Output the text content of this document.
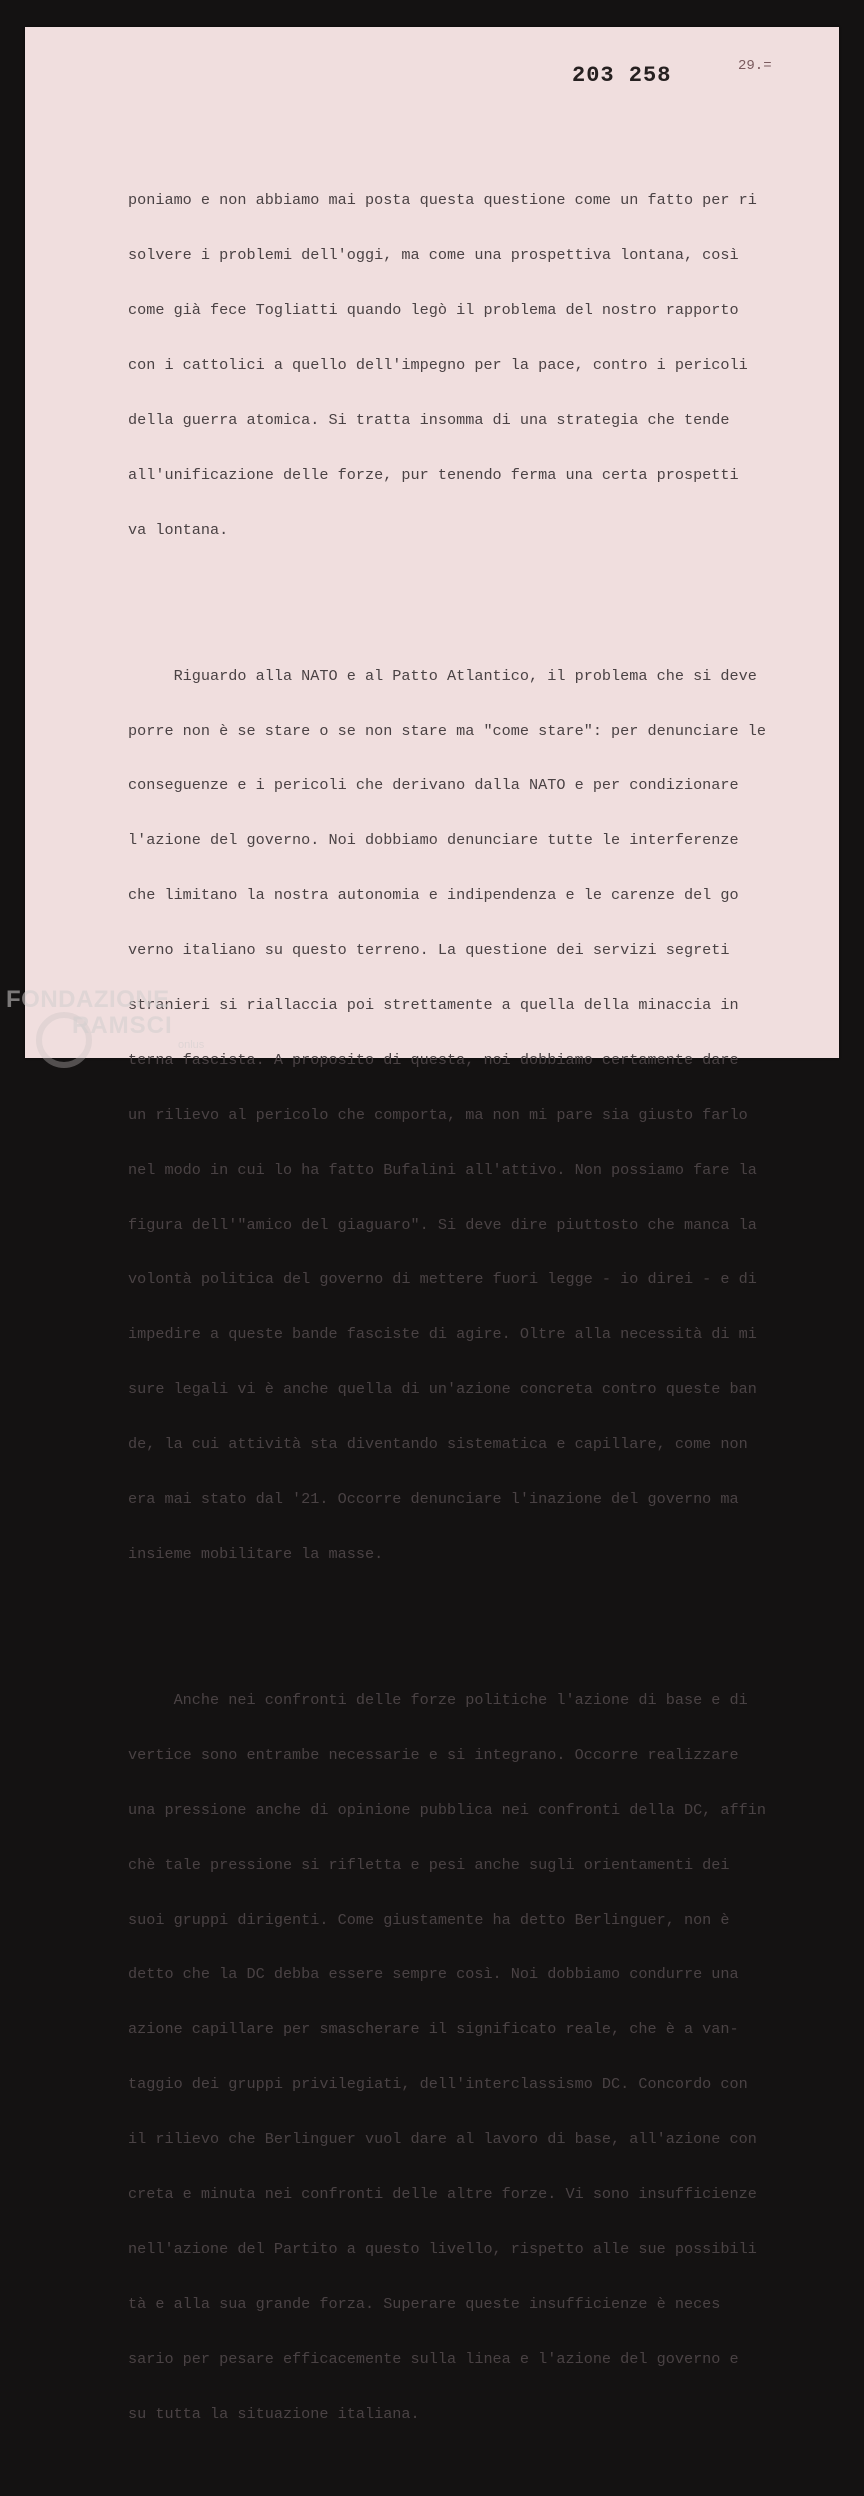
203 258	29.=

poniamo e non abbiamo mai posta questa questione come un fatto per ri

solvere i problemi dell'oggi, ma come una prospettiva lontana, così

come già fece Togliatti quando legò il problema del nostro rapporto

con i cattolici a quello dell'impegno per la pace, contro i pericoli

della guerra atomica. Si tratta insomma di una strategia che tende

all'unificazione delle forze, pur tenendo ferma una certa prospetti

va lontana.

Riguardo alla NATO e al Patto Atlantico, il problema che si deve

porre non è se stare o se non stare ma "come stare": per denunciare le

conseguenze e i pericoli che derivano dalla NATO e per condizionare

l'azione del governo. Noi dobbiamo denunciare tutte le interferenze

che limitano la nostra autonomia e indipendenza e le carenze del go

verno italiano su questo terreno. La questione dei servizi segreti

stranieri si riallaccia poi strettamente a quella della minaccia in

terna fascista. A proposito di questa, noi dobbiamo certamente dare

un rilievo al pericolo che comporta, ma non mi pare sia giusto farlo

nel modo in cui lo ha fatto Bufalini all'attivo. Non possiamo fare la

figura dell'"amico del giaguaro". Si deve dire piuttosto che manca la

volontà politica del governo di mettere fuori legge - io direi - e di

impedire a queste bande fasciste di agire. Oltre alla necessità di mi

sure legali vi è anche quella di un'azione concreta contro queste ban

de, la cui attività sta diventando sistematica e capillare, come non

era mai stato dal '21. Occorre denunciare l'inazione del governo ma

insieme mobilitare la masse.

Anche nei confronti delle forze politiche l'azione di base e di

vertice sono entrambe necessarie e si integrano. Occorre realizzare

una pressione anche di opinione pubblica nei confronti della DC, affin

chè tale pressione si rifletta e pesi anche sugli orientamenti dei

suoi gruppi dirigenti. Come giustamente ha detto Berlinguer, non è

detto che la DC debba essere sempre così. Noi dobbiamo condurre una

azione capillare per smascherare il significato reale, che è a van-

taggio dei gruppi privilegiati, dell'interclassismo DC. Concordo con

il rilievo che Berlinguer vuol dare al lavoro di base, all'azione con

creta e minuta nei confronti delle altre forze. Vi sono insufficienze

nell'azione del Partito a questo livello, rispetto alle sue possibili

tà e alla sua grande forza. Superare queste insufficienze è neces

sario per pesare efficacemente sulla linea e l'azione del governo e

su tutta la situazione italiana.

FONDAZIONE
RAMSCI
onlus
